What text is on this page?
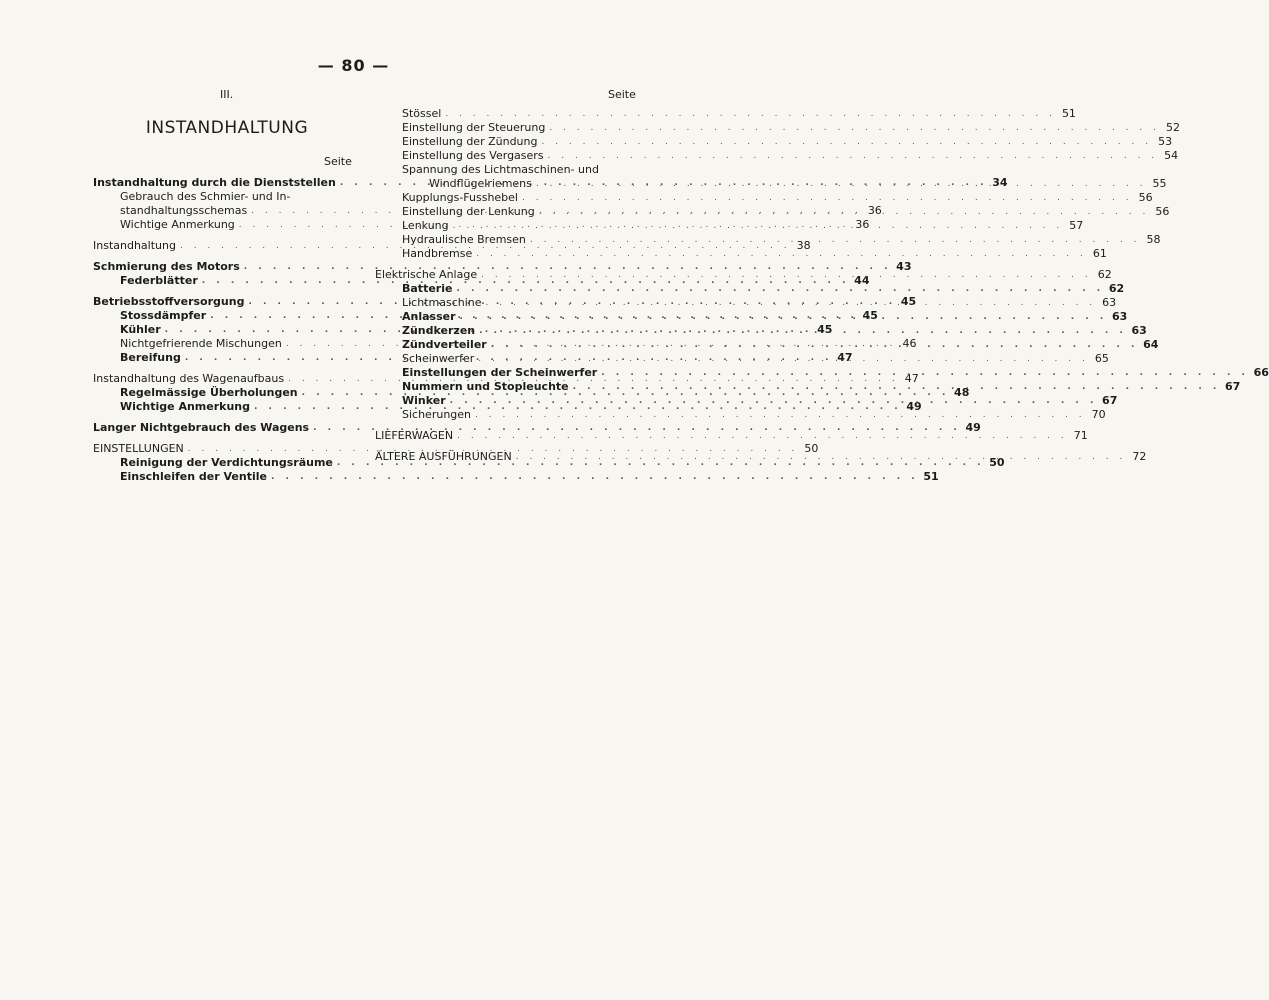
— 80 —
III.
INSTANDHALTUNG
Seite
Seite
Instandhaltung durch die Dienststellen . . .	34
Gebrauch des Schmier- und In-
standhaltungsschemas . . .	36
Wichtige Anmerkung . . .	36
Instandhaltung . . .	38
Schmierung des Motors . . .	43
Federblätter . . .	44
Betriebsstoffversorgung . . .	45
Stossdämpfer . . .	45
Kühler . . .	45
Nichtgefrierende Mischungen . . .	46
Bereifung . . .	47
Instandhaltung des Wagenaufbaus . . .	47
Regelmässige Überholungen . . .	48
Wichtige Anmerkung . . .	49
Langer Nichtgebrauch des Wagens . . .	49
EINSTELLUNGEN . . .	50
Reinigung der Verdichtungsräume . . .	50
Einschleifen der Ventile . . .	51
Stössel . . .	51
Einstellung der Steuerung . . .	52
Einstellung der Zündung . . .	53
Einstellung des Vergasers . . .	54
Spannung des Lichtmaschinen- und
Windflügelriemens . . .	55
Kupplungs-Fusshebel . . .	56
Einstellung der Lenkung . . .	56
Lenkung . . .	57
Hydraulische Bremsen . . .	58
Handbremse . . .	61
Elektrische Anlage . . .	62
Batterie . . .	62
Lichtmaschine . . .	63
Anlasser . . .	63
Zündkerzen . . .	63
Zündverteiler . . .	64
Scheinwerfer . . .	65
Einstellungen der Scheinwerfer . . .	66
Nummern und Stopleuchte . . .	67
Winker . . .	67
Sicherungen . . .	70
LIEFERWAGEN . . .	71
ÄLTERE AUSFÜHRUNGEN . . .	72
